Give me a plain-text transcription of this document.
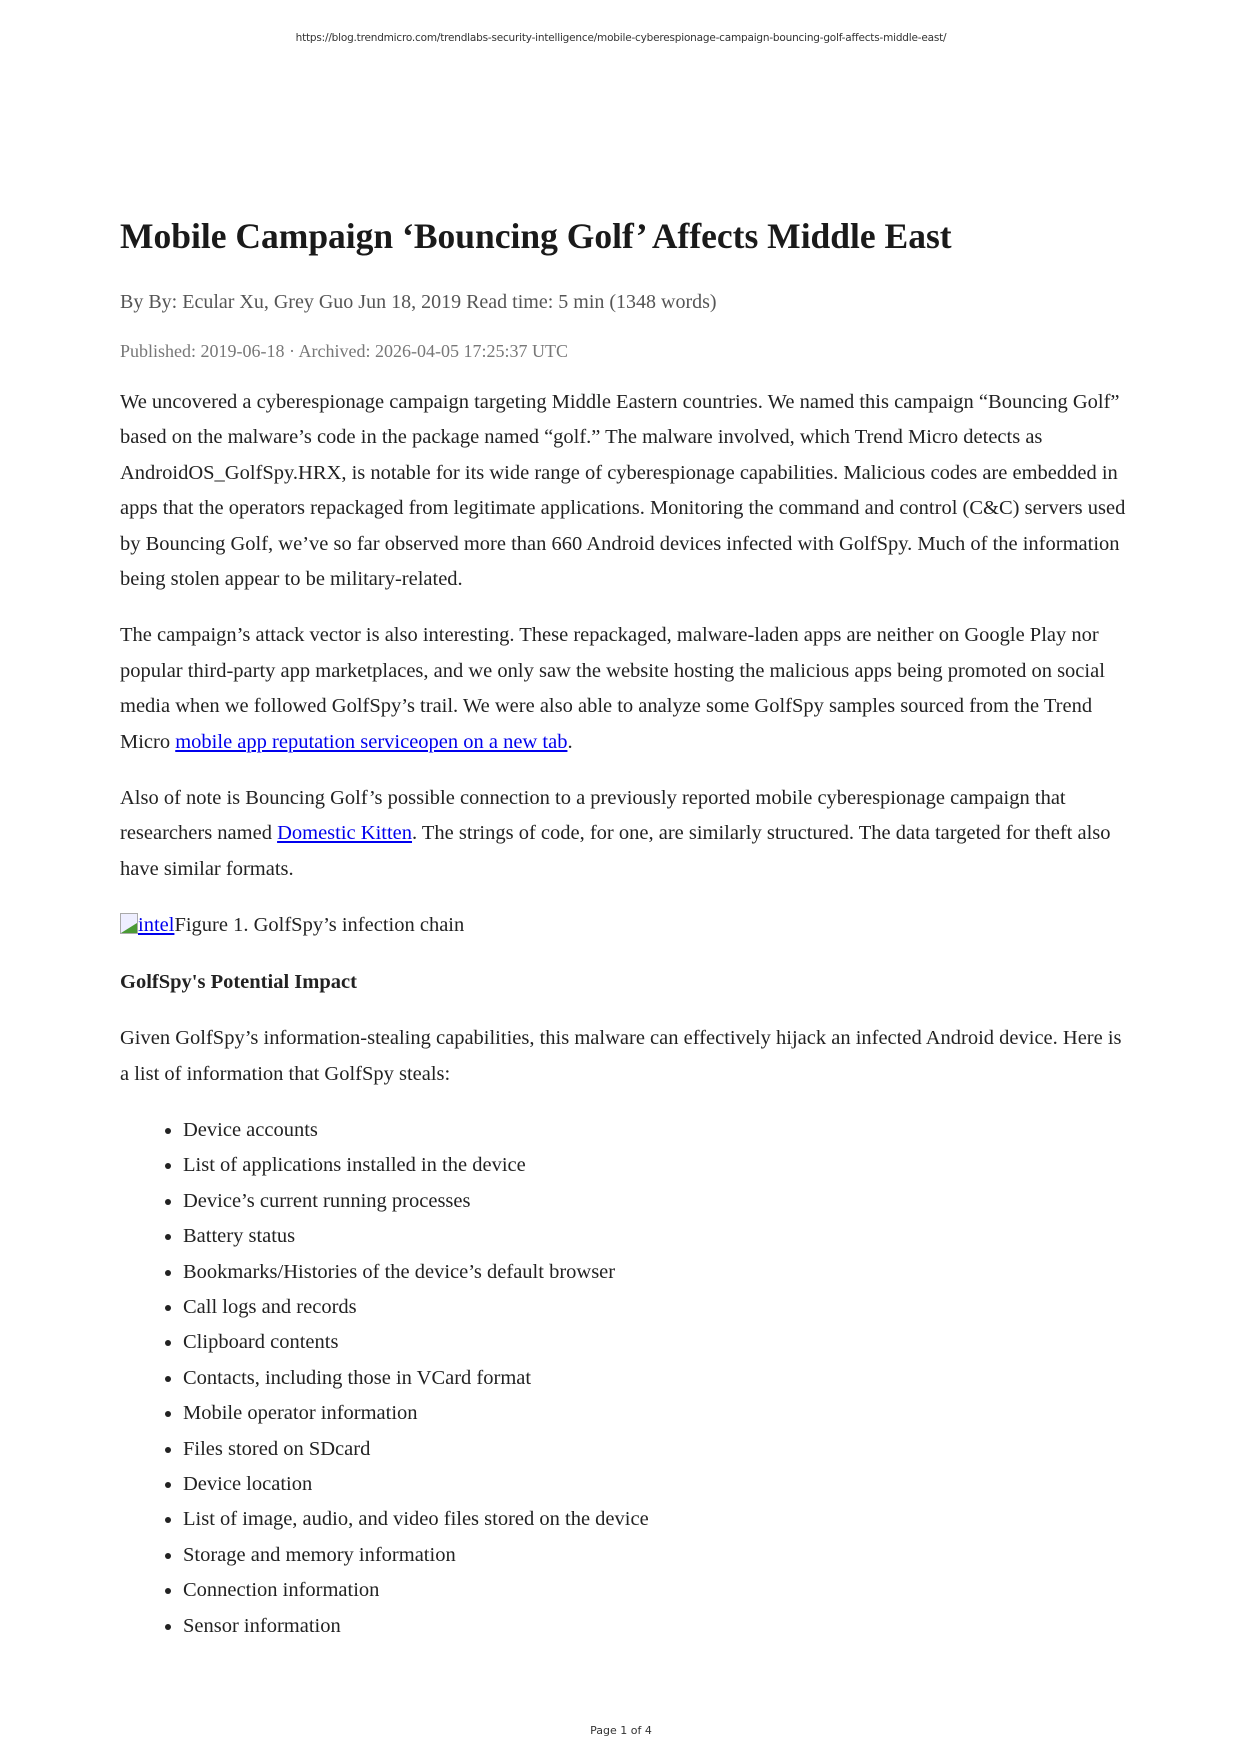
https://blog.trendmicro.com/trendlabs-security-intelligence/mobile-cyberespionage-campaign-bouncing-golf-affects-middle-east/
Mobile Campaign ‘Bouncing Golf’ Affects Middle East
By By: Ecular Xu, Grey Guo Jun 18, 2019 Read time: 5 min (1348 words)
Published: 2019-06-18 · Archived: 2026-04-05 17:25:37 UTC

We uncovered a cyberespionage campaign targeting Middle Eastern countries. We named this campaign “Bouncing Golf” based on the malware’s code in the package named “golf.” The malware involved, which Trend Micro detects as AndroidOS_GolfSpy.HRX, is notable for its wide range of cyberespionage capabilities. Malicious codes are embedded in apps that the operators repackaged from legitimate applications. Monitoring the command and control (C&C) servers used by Bouncing Golf, we’ve so far observed more than 660 Android devices infected with GolfSpy. Much of the information being stolen appear to be military-related.

The campaign’s attack vector is also interesting. These repackaged, malware-laden apps are neither on Google Play nor popular third-party app marketplaces, and we only saw the website hosting the malicious apps being promoted on social media when we followed GolfSpy’s trail. We were also able to analyze some GolfSpy samples sourced from the Trend Micro mobile app reputation serviceopen on a new tab.

Also of note is Bouncing Golf’s possible connection to a previously reported mobile cyberespionage campaign that researchers named Domestic Kitten. The strings of code, for one, are similarly structured. The data targeted for theft also have similar formats.

intelFigure 1. GolfSpy’s infection chain

GolfSpy's Potential Impact

Given GolfSpy’s information-stealing capabilities, this malware can effectively hijack an infected Android device. Here is a list of information that GolfSpy steals:

• Device accounts
• List of applications installed in the device
• Device’s current running processes
• Battery status
• Bookmarks/Histories of the device’s default browser
• Call logs and records
• Clipboard contents
• Contacts, including those in VCard format
• Mobile operator information
• Files stored on SDcard
• Device location
• List of image, audio, and video files stored on the device
• Storage and memory information
• Connection information
• Sensor information
Page 1 of 4
